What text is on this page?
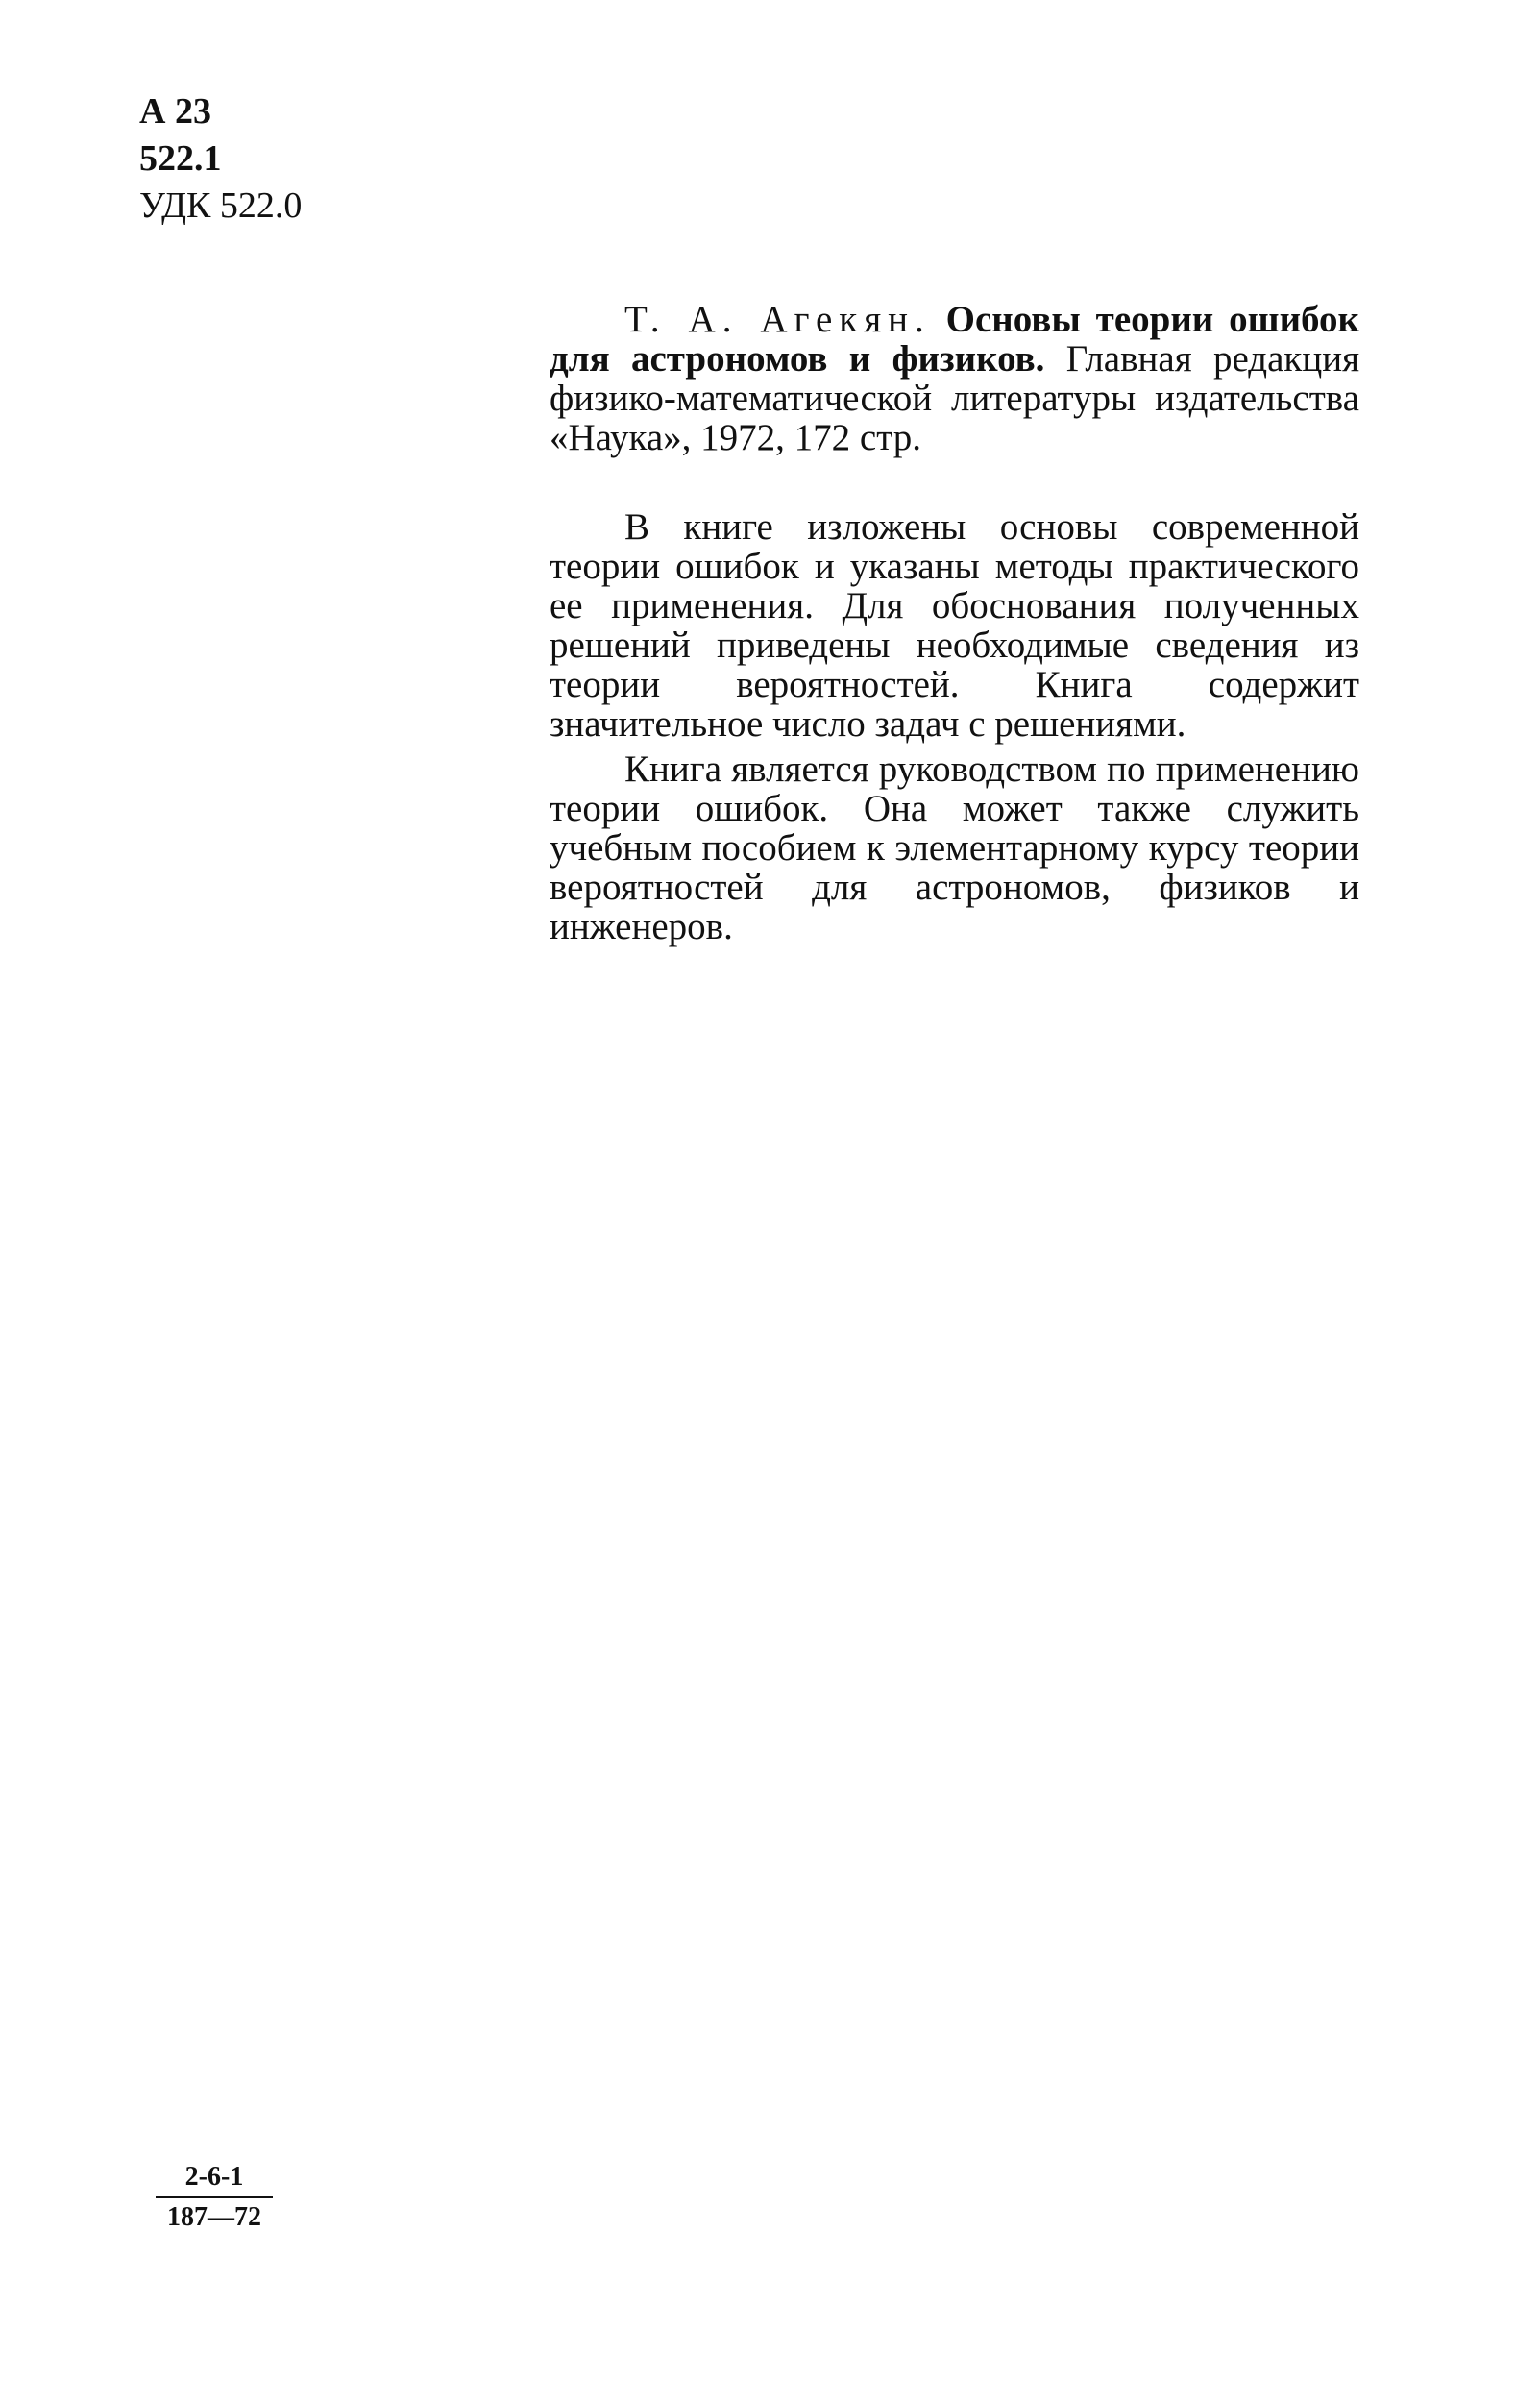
А 23
522.1
УДК 522.0

Т. А. Агекян. Основы теории ошибок для астрономов и физиков. Главная редакция физико-математической литературы издательства «Наука», 1972, 172 стр.

В книге изложены основы современной теории ошибок и указаны методы практического ее применения. Для обоснования полученных решений приведены необходимые сведения из теории вероятностей. Книга содержит значительное число задач с решениями.

Книга является руководством по применению теории ошибок. Она может также служить учебным пособием к элементарному курсу теории вероятностей для астрономов, физиков и инженеров.

$\frac{2-6-1}{187—72}$
